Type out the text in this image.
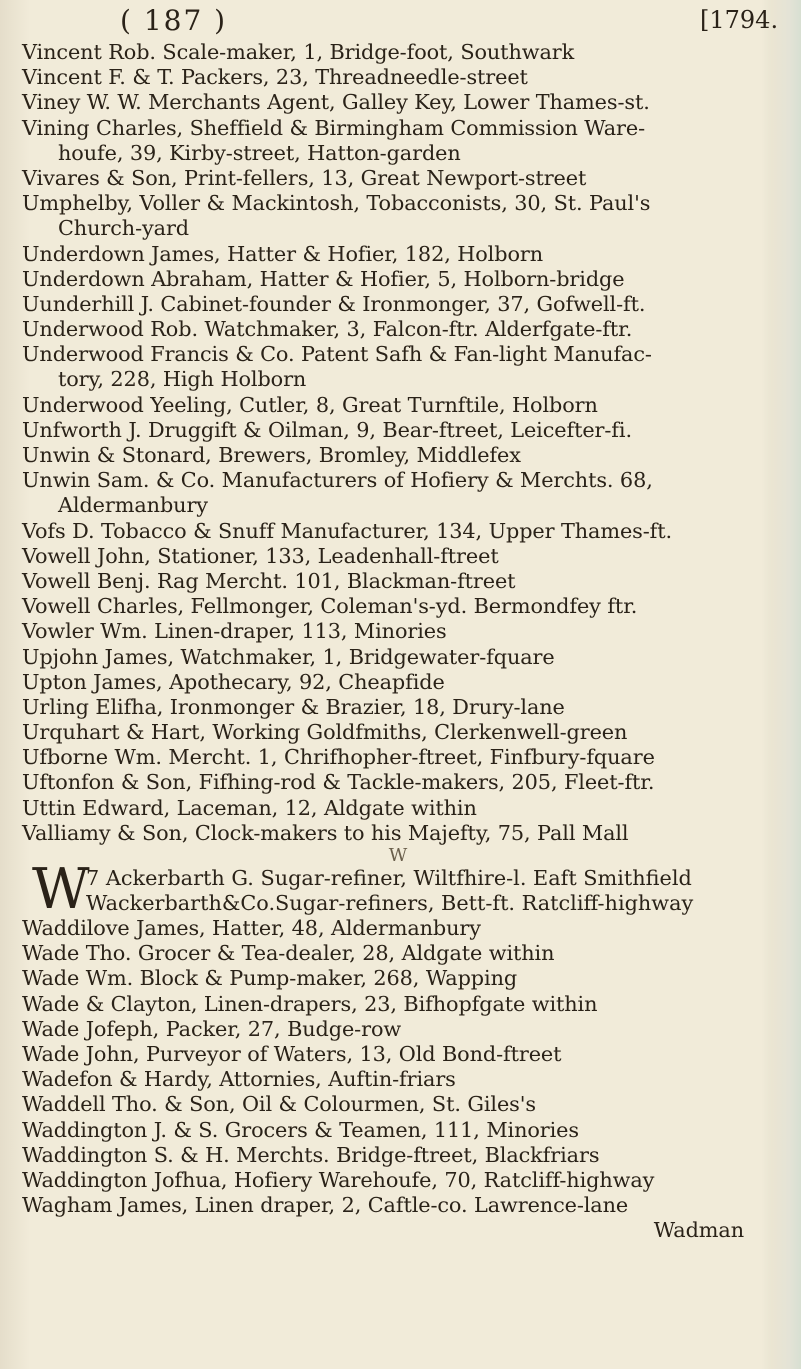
( 187 )	[1794.
Vincent Rob. Scale-maker, 1, Bridge-foot, Southwark
Vincent F. & T. Packers, 23, Threadneedle-street
Viney W. W. Merchants Agent, Galley Key, Lower Thames-st.
Vining Charles, Sheffield & Birmingham Commission Ware-
houfe, 39, Kirby-street, Hatton-garden
Vivares & Son, Print-fellers, 13, Great Newport-street
Umphelby, Voller & Mackintosh, Tobacconists, 30, St. Paul's
Church-yard
Underdown James, Hatter & Hofier, 182, Holborn
Underdown Abraham, Hatter & Hofier, 5, Holborn-bridge
Uunderhill J. Cabinet-founder & Ironmonger, 37, Gofwell-ft.
Underwood Rob. Watchmaker, 3, Falcon-ftr. Alderfgate-ftr.
Underwood Francis & Co. Patent Safh & Fan-light Manufac-
tory, 228, High Holborn
Underwood Yeeling, Cutler, 8, Great Turnftile, Holborn
Unfworth J. Druggift & Oilman, 9, Bear-ftreet, Leicefter-fi.
Unwin & Stonard, Brewers, Bromley, Middlefex
Unwin Sam. & Co. Manufacturers of Hofiery & Merchts. 68,
Aldermanbury
Vofs D. Tobacco & Snuff Manufacturer, 134, Upper Thames-ft.
Vowell John, Stationer, 133, Leadenhall-ftreet
Vowell Benj. Rag Mercht. 101, Blackman-ftreet
Vowell Charles, Fellmonger, Coleman's-yd. Bermondfey ftr.
Vowler Wm. Linen-draper, 113, Minories
Upjohn James, Watchmaker, 1, Bridgewater-fquare
Upton James, Apothecary, 92, Cheapfide
Urling Elifha, Ironmonger & Brazier, 18, Drury-lane
Urquhart & Hart, Working Goldfmiths, Clerkenwell-green
Ufborne Wm. Mercht. 1, Chrifhopher-ftreet, Finfbury-fquare
Uftonfon & Son, Fifhing-rod & Tackle-makers, 205, Fleet-ftr.
Uttin Edward, Laceman, 12, Aldgate within
Valliamy & Son, Clock-makers to his Majefty, 75, Pall Mall
W
W
7 Ackerbarth G. Sugar-refiner, Wiltfhire-l. Eaft Smithfield
Wackerbarth&Co.Sugar-refiners, Bett-ft. Ratcliff-highway
Waddilove James, Hatter, 48, Aldermanbury
Wade Tho. Grocer & Tea-dealer, 28, Aldgate within
Wade Wm. Block & Pump-maker, 268, Wapping
Wade & Clayton, Linen-drapers, 23, Bifhopfgate within
Wade Jofeph, Packer, 27, Budge-row
Wade John, Purveyor of Waters, 13, Old Bond-ftreet
Wadefon & Hardy, Attornies, Auftin-friars
Waddell Tho. & Son, Oil & Colourmen, St. Giles's
Waddington J. & S. Grocers & Teamen, 111, Minories
Waddington S. & H. Merchts. Bridge-ftreet, Blackfriars
Waddington Jofhua, Hofiery Warehoufe, 70, Ratcliff-highway
Wagham James, Linen draper, 2, Caftle-co. Lawrence-lane
Wadman
